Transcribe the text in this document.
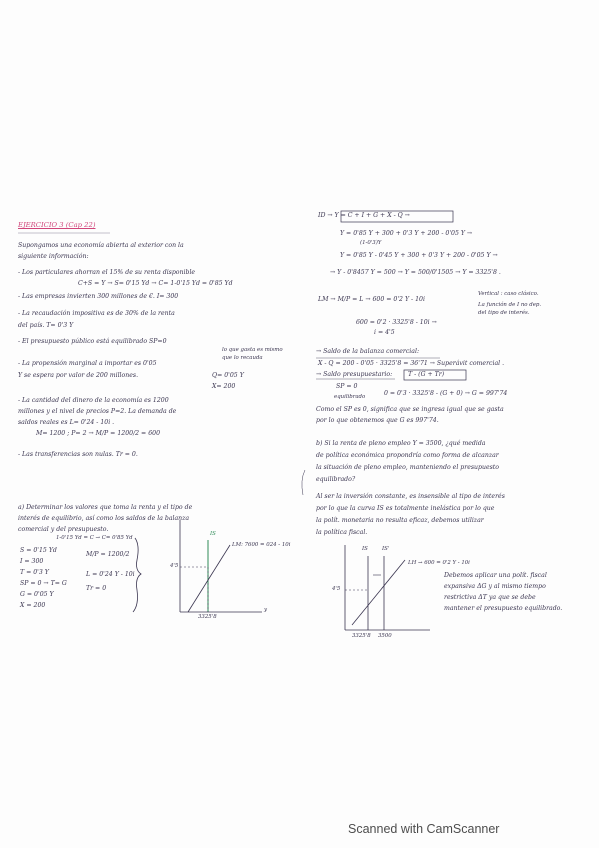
EJERCICIO 3 (Cap 22)
Supongamos una economía abierta al exterior con la
siguiente información:
- Los particulares ahorran el 15% de su renta disponible
C+S = Y → S= 0'15 Yd → C= 1-0'15 Yd = 0'85 Yd
- Las empresas invierten 300 millones de €. I= 300
- La recaudación impositiva es de 30% de la renta
del país. T= 0'3 Y
- El presupuesto público está equilibrado SP=0
lo que gasta es mismo
que lo recauda
- La propensión marginal a importar es 0'05
Y se espera por valor de 200 millones.	Q= 0'05 Y
X= 200
- La cantidad del dinero de la economía es 1200
millones y el nivel de precios P=2. La demanda de
saldos reales es L= 0'24 - 10i .
M= 1200 ; P= 2 → M/P = 1200/2 = 600
- Las transferencias son nulas. Tr = 0.
a) Determinar los valores que toma la renta y el tipo de
interés de equilibrio, así como los saldos de la balanza
comercial y del presupuesto.
1-0'15 Yd = C → C= 0'85 Yd
S = 0'15 Yd
I = 300
T = 0'3 Y
SP = 0 → T= G
G = 0'05 Y
X = 200
M/P = 1200/2
L = 0'24 Y - 10i
Tr = 0
IS
LM: 7600 = 024 - 10i
4'5
3325'8
y
ID → Y = C + I + G + X - Q →
Y = 0'85 Y + 300 + 0'3 Y + 200 - 0'05 Y →
(1-0'3)Y
Y = 0'85 Y - 0'45 Y + 300 + 0'3 Y + 200 - 0'05 Y →
→ Y - 0'8457 Y = 500 → Y = 500/0'1505 → Y = 3325'8 .
LM → M/P = L → 600 = 0'2 Y - 10i
Vertical : caso clásico.
La función de I no dep.
del tipo de interés.
600 = 0'2 · 3325'8 - 10i →
i = 4'5
→ Saldo de la balanza comercial:
X - Q = 200 - 0'05 · 3325'8 = 36'71 → Superávit comercial .
→ Saldo presupuestario:	T - (G + Tr)
SP = 0
equilibrado	0 = 0'3 · 3325'8 - (G + 0) → G = 997'74
Como el SP es 0, significa que se ingresa igual que se gasta
por lo que obtenemos que G es 997'74.
b) Si la renta de pleno empleo Y = 3500, ¿qué medida
de política económica propondría como forma de alcanzar
la situación de pleno empleo, manteniendo el presupuesto
equilibrado?
Al ser la inversión constante, es insensible al tipo de interés
por lo que la curva IS es totalmente inelástica por lo que
la polít. monetaria no resulta eficaz, debemos utilizar
la política fiscal.
IS	IS'
LH → 600 = 0'2 Y - 10i
4'5
3325'8 3500
Debemos aplicar una polít. fiscal
expansiva ΔG y al mismo tiempo
restrictiva ΔT ya que se debe
mantener el presupuesto equilibrado.
Scanned with CamScanner
